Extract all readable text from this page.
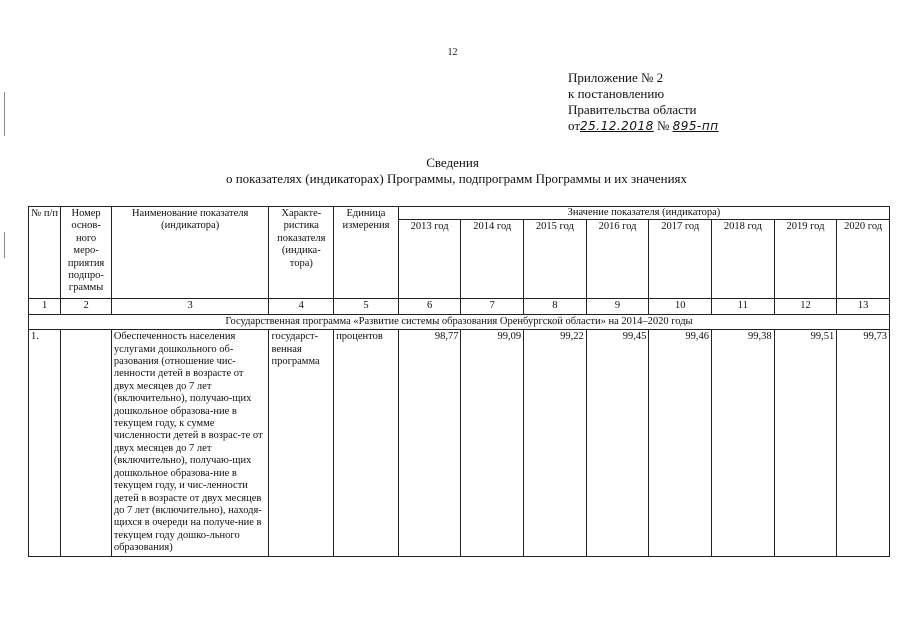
12
Приложение № 2
к постановлению
Правительства области
от25.12.2018 № 895-пп
Сведения
о показателях (индикаторах) Программы, подпрограмм Программы и их значениях
№ п/п	Номер основ-ного меро-приятия подпро-граммы	Наименование показателя (индикатора)	Характе-ристика показателя (индика-тора)	Единица измерения	Значение показателя (индикатора)							
					2013 год	2014 год	2015 год	2016 год	2017 год	2018 год	2019 год	2020 год
1	2	3	4	5	6	7	8	9	10	11	12	13
Государственная программа «Развитие системы образования Оренбургской области» на 2014–2020 годы												
1.		Обеспеченность населения услугами дошкольного об-разования (отношение чис-ленности детей в возрасте от двух месяцев до 7 лет (включительно), получаю-щих дошкольное образова-ние в текущем году, к сумме численности детей в возрас-те от двух месяцев до 7 лет (включительно), получаю-щих дошкольное образова-ние в текущем году, и чис-ленности детей в возрасте от двух месяцев до 7 лет (включительно), находя-щихся в очереди на получе-ние в текущем году дошко-льного образования)	государст-венная программа	процентов	98,77	99,09	99,22	99,45	99,46	99,38	99,51	99,73
